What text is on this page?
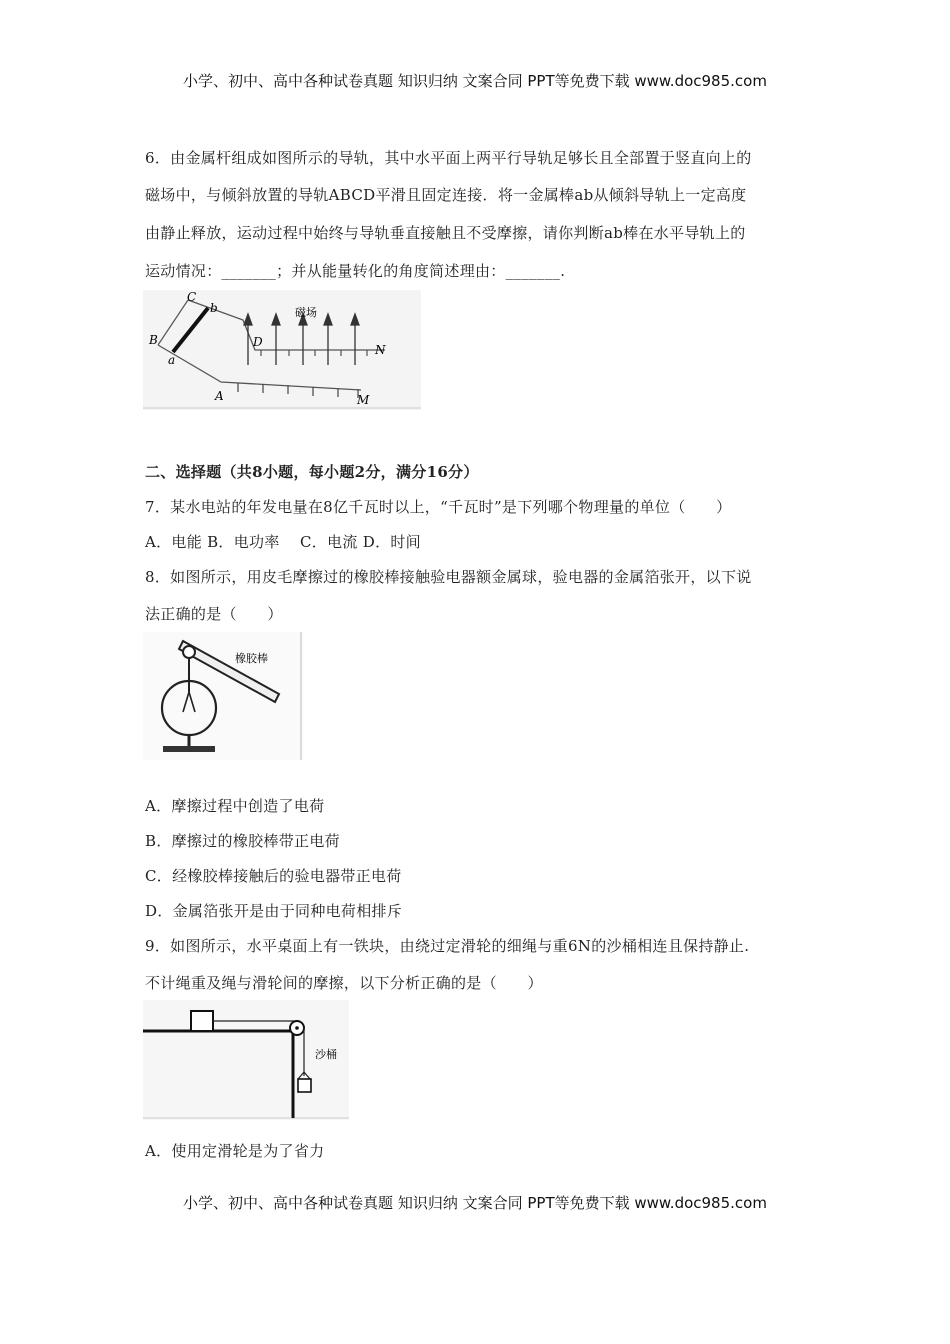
小学、初中、高中各种试卷真题 知识归纳 文案合同 PPT等免费下载 www.doc985.com
6．由金属杆组成如图所示的导轨，其中水平面上两平行导轨足够长且全部置于竖直向上的
磁场中，与倾斜放置的导轨ABCD平滑且固定连接．将一金属棒ab从倾斜导轨上一定高度
由静止释放，运动过程中始终与导轨垂直接触且不受摩擦，请你判断ab棒在水平导轨上的
运动情况：_______；并从能量转化的角度简述理由：_______.
C
b
B
a
D
N
A	M
磁场
二、选择题（共8小题，每小题2分，满分16分）
7．某水电站的年发电量在8亿千瓦时以上，“千瓦时”是下列哪个物理量的单位（　　）
A．电能 B．电功率　 C．电流 D．时间
8．如图所示，用皮毛摩擦过的橡胶棒接触验电器额金属球，验电器的金属箔张开，以下说
法正确的是（　　）
橡胶棒
A．摩擦过程中创造了电荷
B．摩擦过的橡胶棒带正电荷
C．经橡胶棒接触后的验电器带正电荷
D．金属箔张开是由于同种电荷相排斥
9．如图所示，水平桌面上有一铁块，由绕过定滑轮的细绳与重6N的沙桶相连且保持静止.
不计绳重及绳与滑轮间的摩擦，以下分析正确的是（　　）
沙桶
A．使用定滑轮是为了省力
小学、初中、高中各种试卷真题 知识归纳 文案合同 PPT等免费下载 www.doc985.com
